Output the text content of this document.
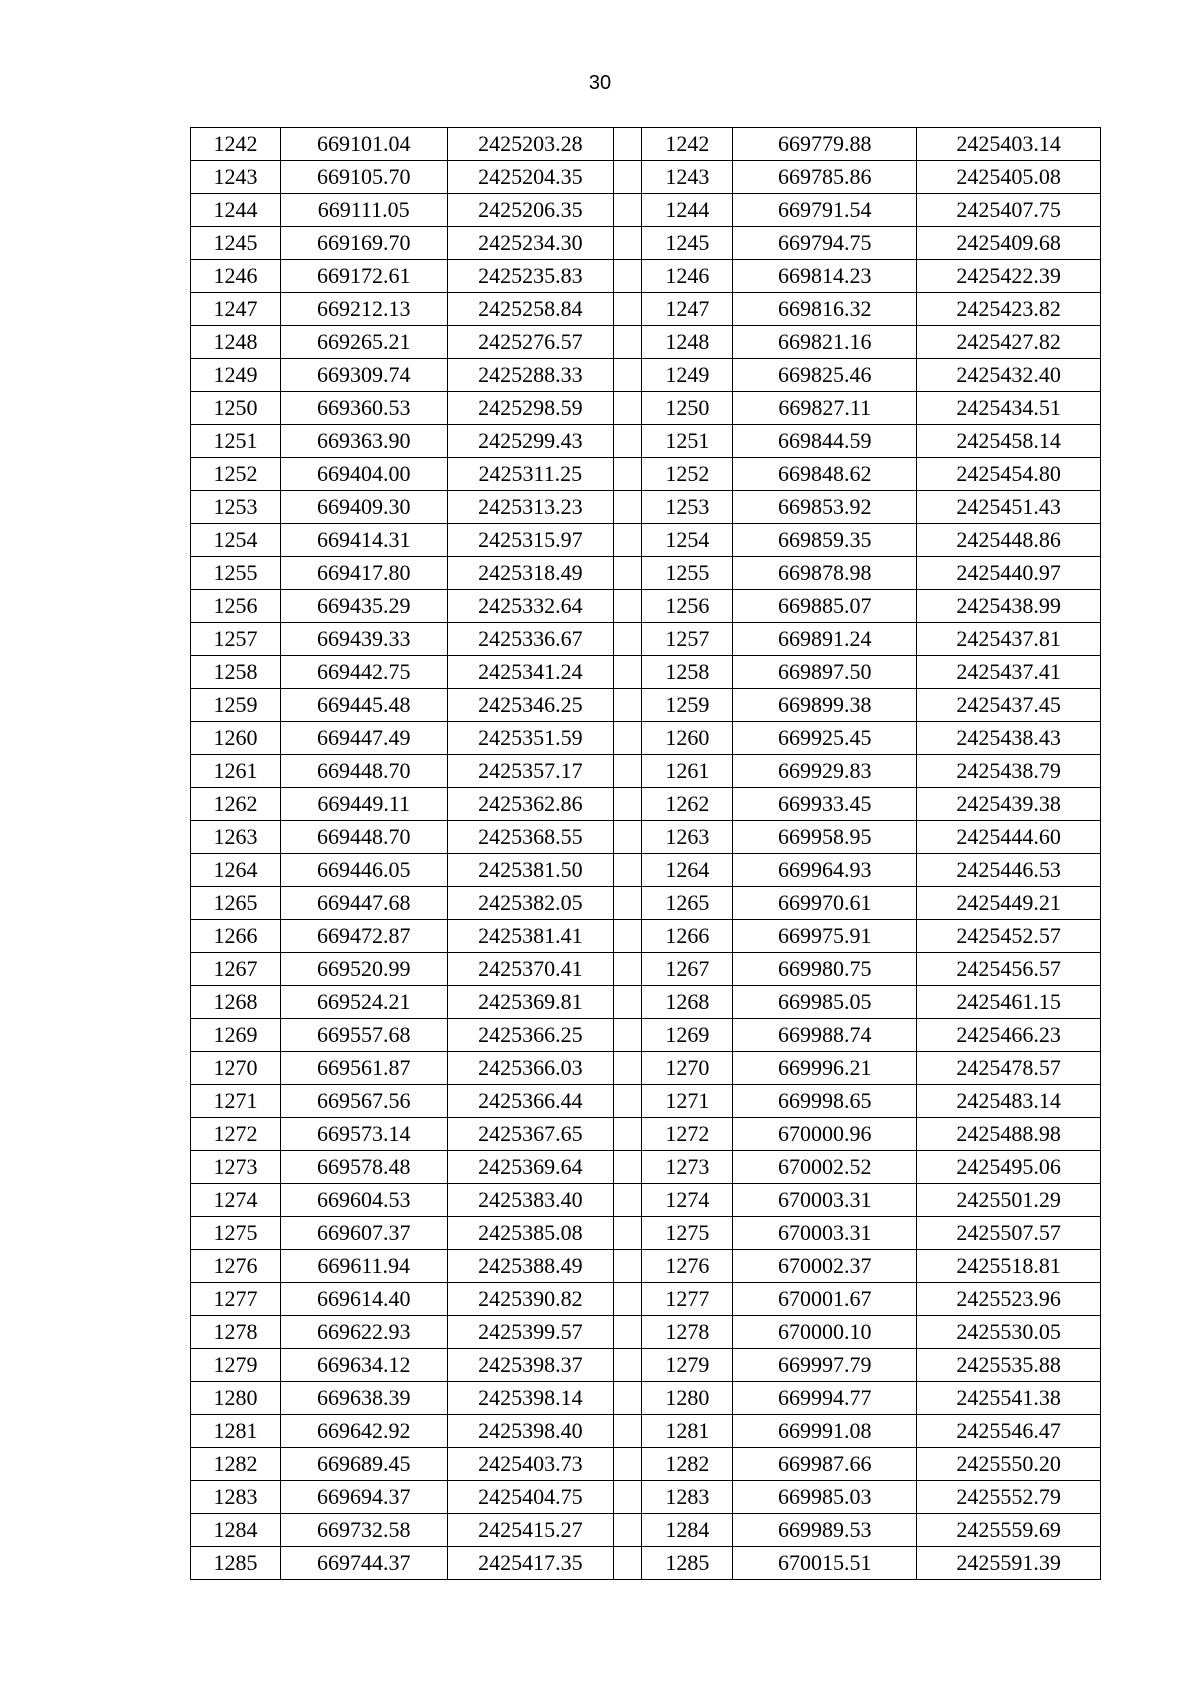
30
1242	669101.04	2425203.28		1242	669779.88	2425403.14
1243	669105.70	2425204.35		1243	669785.86	2425405.08
1244	669111.05	2425206.35		1244	669791.54	2425407.75
1245	669169.70	2425234.30		1245	669794.75	2425409.68
1246	669172.61	2425235.83		1246	669814.23	2425422.39
1247	669212.13	2425258.84		1247	669816.32	2425423.82
1248	669265.21	2425276.57		1248	669821.16	2425427.82
1249	669309.74	2425288.33		1249	669825.46	2425432.40
1250	669360.53	2425298.59		1250	669827.11	2425434.51
1251	669363.90	2425299.43		1251	669844.59	2425458.14
1252	669404.00	2425311.25		1252	669848.62	2425454.80
1253	669409.30	2425313.23		1253	669853.92	2425451.43
1254	669414.31	2425315.97		1254	669859.35	2425448.86
1255	669417.80	2425318.49		1255	669878.98	2425440.97
1256	669435.29	2425332.64		1256	669885.07	2425438.99
1257	669439.33	2425336.67		1257	669891.24	2425437.81
1258	669442.75	2425341.24		1258	669897.50	2425437.41
1259	669445.48	2425346.25		1259	669899.38	2425437.45
1260	669447.49	2425351.59		1260	669925.45	2425438.43
1261	669448.70	2425357.17		1261	669929.83	2425438.79
1262	669449.11	2425362.86		1262	669933.45	2425439.38
1263	669448.70	2425368.55		1263	669958.95	2425444.60
1264	669446.05	2425381.50		1264	669964.93	2425446.53
1265	669447.68	2425382.05		1265	669970.61	2425449.21
1266	669472.87	2425381.41		1266	669975.91	2425452.57
1267	669520.99	2425370.41		1267	669980.75	2425456.57
1268	669524.21	2425369.81		1268	669985.05	2425461.15
1269	669557.68	2425366.25		1269	669988.74	2425466.23
1270	669561.87	2425366.03		1270	669996.21	2425478.57
1271	669567.56	2425366.44		1271	669998.65	2425483.14
1272	669573.14	2425367.65		1272	670000.96	2425488.98
1273	669578.48	2425369.64		1273	670002.52	2425495.06
1274	669604.53	2425383.40		1274	670003.31	2425501.29
1275	669607.37	2425385.08		1275	670003.31	2425507.57
1276	669611.94	2425388.49		1276	670002.37	2425518.81
1277	669614.40	2425390.82		1277	670001.67	2425523.96
1278	669622.93	2425399.57		1278	670000.10	2425530.05
1279	669634.12	2425398.37		1279	669997.79	2425535.88
1280	669638.39	2425398.14		1280	669994.77	2425541.38
1281	669642.92	2425398.40		1281	669991.08	2425546.47
1282	669689.45	2425403.73		1282	669987.66	2425550.20
1283	669694.37	2425404.75		1283	669985.03	2425552.79
1284	669732.58	2425415.27		1284	669989.53	2425559.69
1285	669744.37	2425417.35		1285	670015.51	2425591.39
